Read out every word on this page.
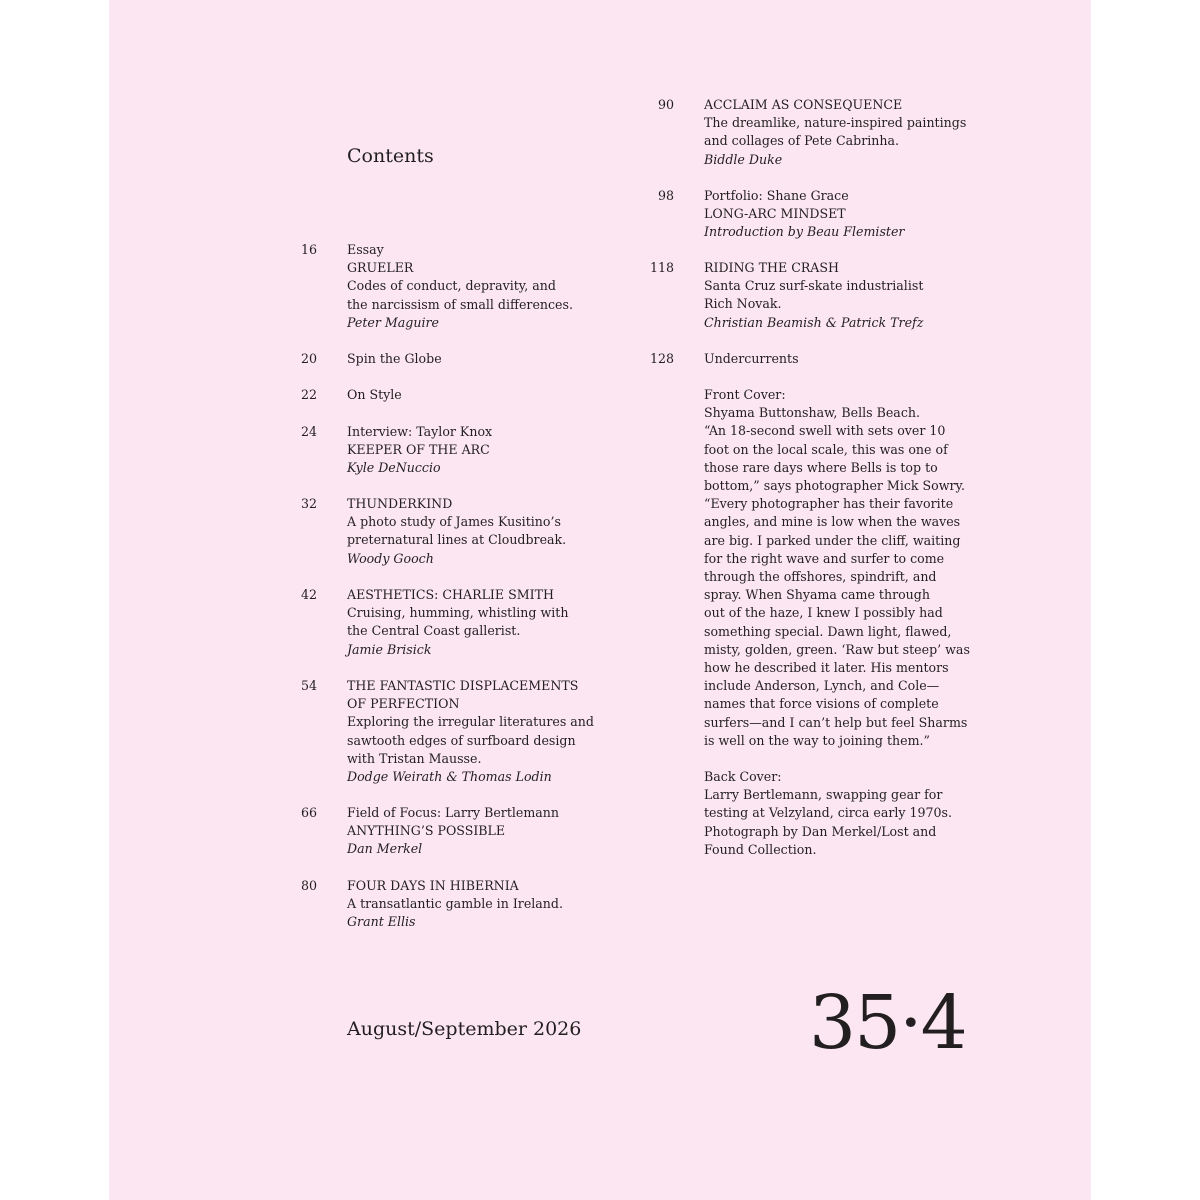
Contents
16 Essay
GRUELER
Codes of conduct, depravity, and
the narcissism of small differences.
Peter Maguire
20 Spin the Globe
22 On Style
24 Interview: Taylor Knox
KEEPER OF THE ARC
Kyle DeNuccio
32 THUNDERKIND
A photo study of James Kusitino’s
preternatural lines at Cloudbreak.
Woody Gooch
42 AESTHETICS: CHARLIE SMITH
Cruising, humming, whistling with
the Central Coast gallerist.
Jamie Brisick
54 THE FANTASTIC DISPLACEMENTS
OF PERFECTION
Exploring the irregular literatures and
sawtooth edges of surfboard design
with Tristan Mausse.
Dodge Weirath & Thomas Lodin
66 Field of Focus: Larry Bertlemann
ANYTHING’S POSSIBLE
Dan Merkel
80 FOUR DAYS IN HIBERNIA
A transatlantic gamble in Ireland.
Grant Ellis
90 ACCLAIM AS CONSEQUENCE
The dreamlike, nature-inspired paintings
and collages of Pete Cabrinha.
Biddle Duke
98 Portfolio: Shane Grace
LONG-ARC MINDSET
Introduction by Beau Flemister
118 RIDING THE CRASH
Santa Cruz surf-skate industrialist
Rich Novak.
Christian Beamish & Patrick Trefz
128 Undercurrents
Front Cover:
Shyama Buttonshaw, Bells Beach.
“An 18-second swell with sets over 10
foot on the local scale, this was one of
those rare days where Bells is top to
bottom,” says photographer Mick Sowry.
“Every photographer has their favorite
angles, and mine is low when the waves
are big. I parked under the cliff, waiting
for the right wave and surfer to come
through the offshores, spindrift, and
spray. When Shyama came through
out of the haze, I knew I possibly had
something special. Dawn light, flawed,
misty, golden, green. ‘Raw but steep’ was
how he described it later. His mentors
include Anderson, Lynch, and Cole—
names that force visions of complete
surfers—and I can’t help but feel Sharms
is well on the way to joining them.”
Back Cover:
Larry Bertlemann, swapping gear for
testing at Velzyland, circa early 1970s.
Photograph by Dan Merkel/Lost and
Found Collection.
August/September 2026	35·4
